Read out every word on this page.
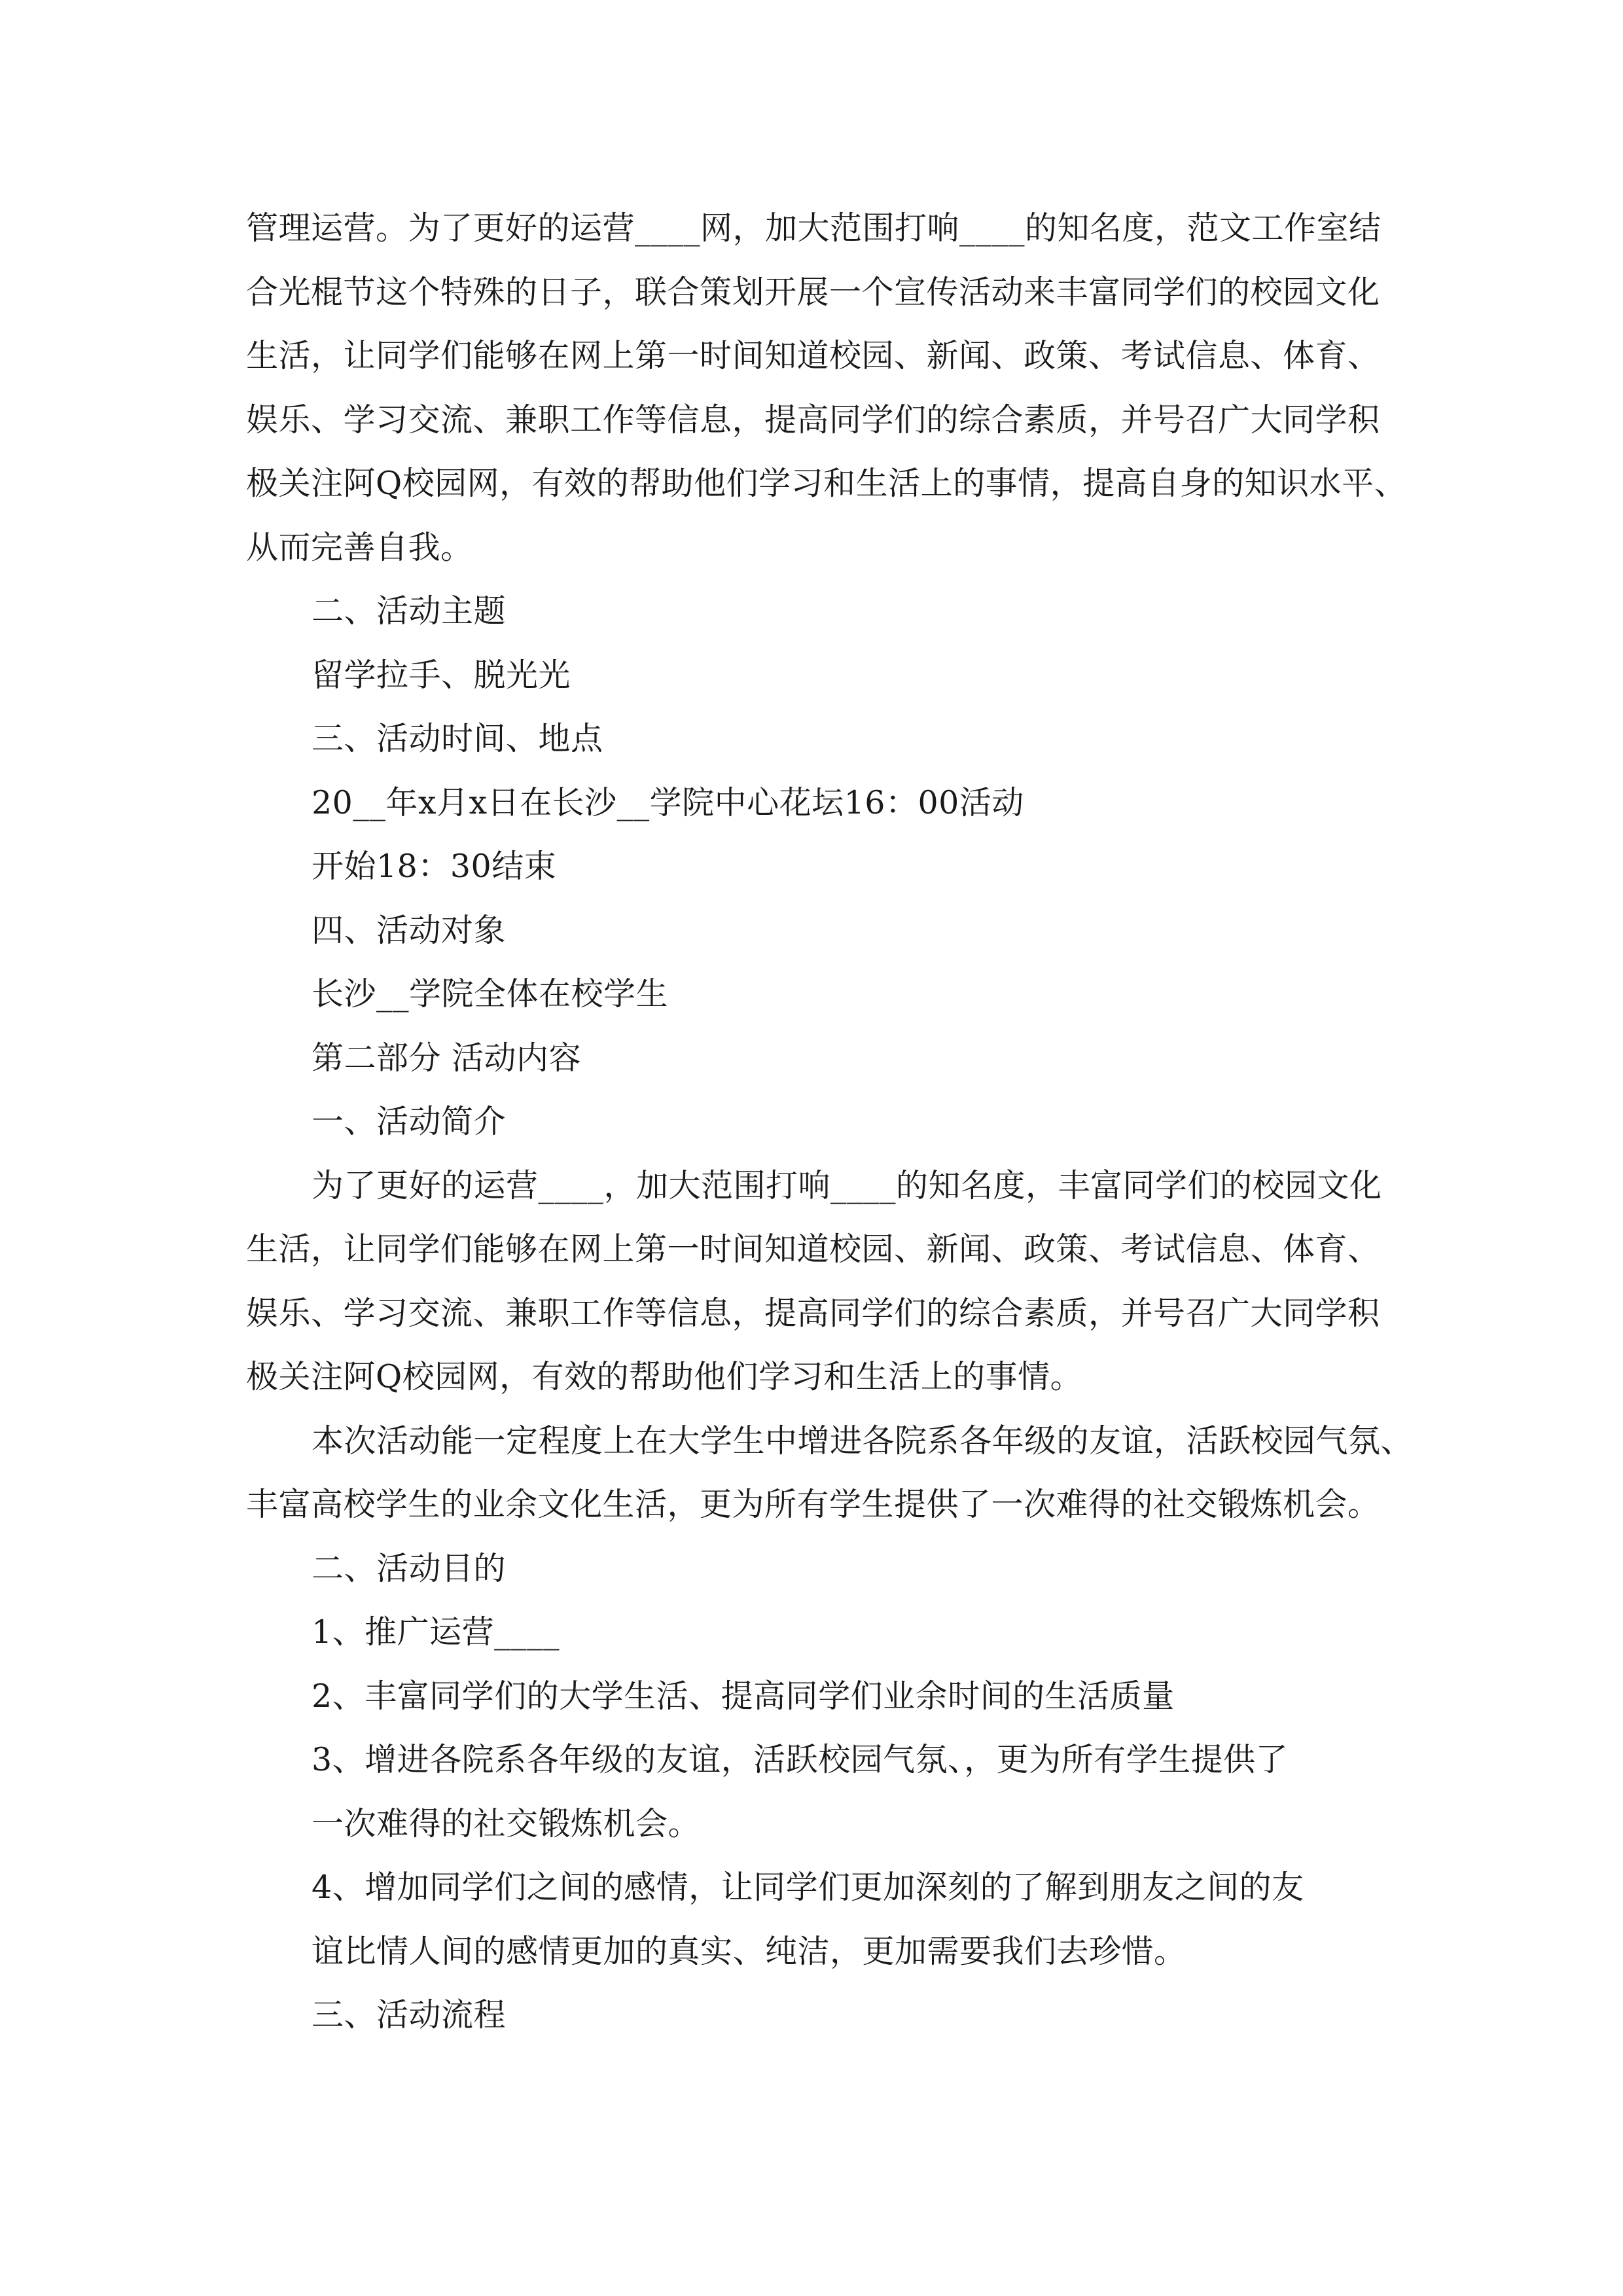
管理运营。为了更好的运营____网，加大范围打响____的知名度，范文工作室结
合光棍节这个特殊的日子，联合策划开展一个宣传活动来丰富同学们的校园文化
生活，让同学们能够在网上第一时间知道校园、新闻、政策、考试信息、体育、
娱乐、学习交流、兼职工作等信息，提高同学们的综合素质，并号召广大同学积
极关注阿Q校园网，有效的帮助他们学习和生活上的事情，提高自身的知识水平、
从而完善自我。
二、活动主题
留学拉手、脱光光
三、活动时间、地点
20__年x月x日在长沙__学院中心花坛16：00活动
开始18：30结束
四、活动对象
长沙__学院全体在校学生
第二部分 活动内容
一、活动简介
为了更好的运营____，加大范围打响____的知名度，丰富同学们的校园文化
生活，让同学们能够在网上第一时间知道校园、新闻、政策、考试信息、体育、
娱乐、学习交流、兼职工作等信息，提高同学们的综合素质，并号召广大同学积
极关注阿Q校园网，有效的帮助他们学习和生活上的事情。
本次活动能一定程度上在大学生中增进各院系各年级的友谊，活跃校园气氛、
丰富高校学生的业余文化生活，更为所有学生提供了一次难得的社交锻炼机会。
二、活动目的
1、推广运营____
2、丰富同学们的大学生活、提高同学们业余时间的生活质量
3、增进各院系各年级的友谊，活跃校园气氛、，更为所有学生提供了
一次难得的社交锻炼机会。
4、增加同学们之间的感情，让同学们更加深刻的了解到朋友之间的友
谊比情人间的感情更加的真实、纯洁，更加需要我们去珍惜。
三、活动流程
